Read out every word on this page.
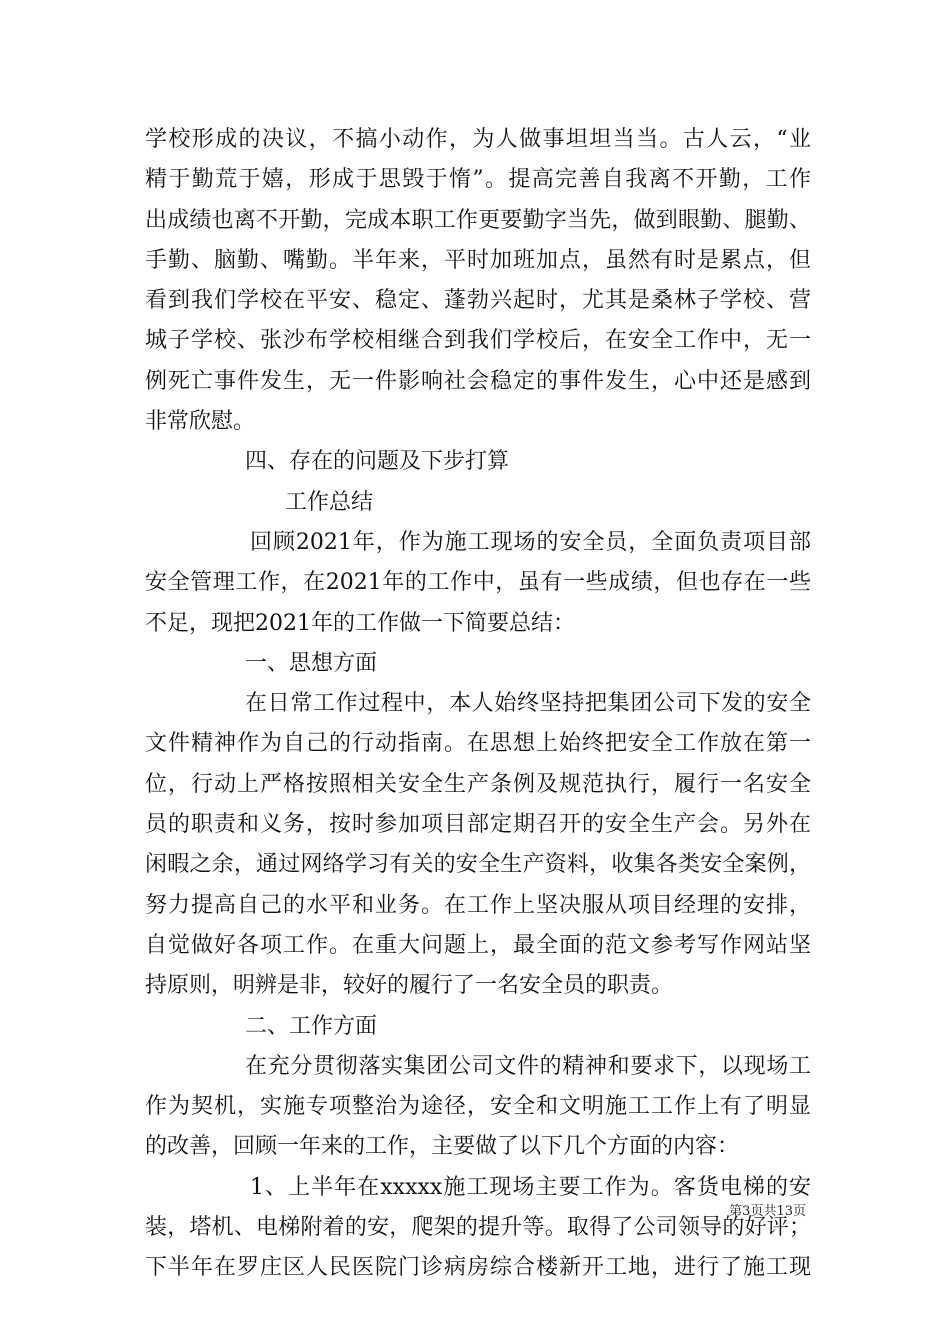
学校形成的决议，不搞小动作，为人做事坦坦当当。古人云，“业
精于勤荒于嬉，形成于思毁于惰”。提高完善自我离不开勤，工作
出成绩也离不开勤，完成本职工作更要勤字当先，做到眼勤、腿勤、
手勤、脑勤、嘴勤。半年来，平时加班加点，虽然有时是累点，但
看到我们学校在平安、稳定、蓬勃兴起时，尤其是桑林子学校、营
城子学校、张沙布学校相继合到我们学校后，在安全工作中，无一
例死亡事件发生，无一件影响社会稳定的事件发生，心中还是感到
非常欣慰。
四、存在的问题及下步打算
工作总结
回顾2021年，作为施工现场的安全员，全面负责项目部
安全管理工作，在2021年的工作中，虽有一些成绩，但也存在一些
不足，现把2021年的工作做一下简要总结：
一、思想方面
在日常工作过程中，本人始终坚持把集团公司下发的安全
文件精神作为自己的行动指南。在思想上始终把安全工作放在第一
位，行动上严格按照相关安全生产条例及规范执行，履行一名安全
员的职责和义务，按时参加项目部定期召开的安全生产会。另外在
闲暇之余，通过网络学习有关的安全生产资料，收集各类安全案例，
努力提高自己的水平和业务。在工作上坚决服从项目经理的安排，
自觉做好各项工作。在重大问题上，最全面的范文参考写作网站坚
持原则，明辨是非，较好的履行了一名安全员的职责。
二、工作方面
在充分贯彻落实集团公司文件的精神和要求下，以现场工
作为契机，实施专项整治为途径，安全和文明施工工作上有了明显
的改善，回顾一年来的工作，主要做了以下几个方面的内容：
1、上半年在xxxxx施工现场主要工作为。客货电梯的安
装，塔机、电梯附着的安，爬架的提升等。取得了公司领导的好评；
下半年在罗庄区人民医院门诊病房综合楼新开工地，进行了施工现
第3页共13页
